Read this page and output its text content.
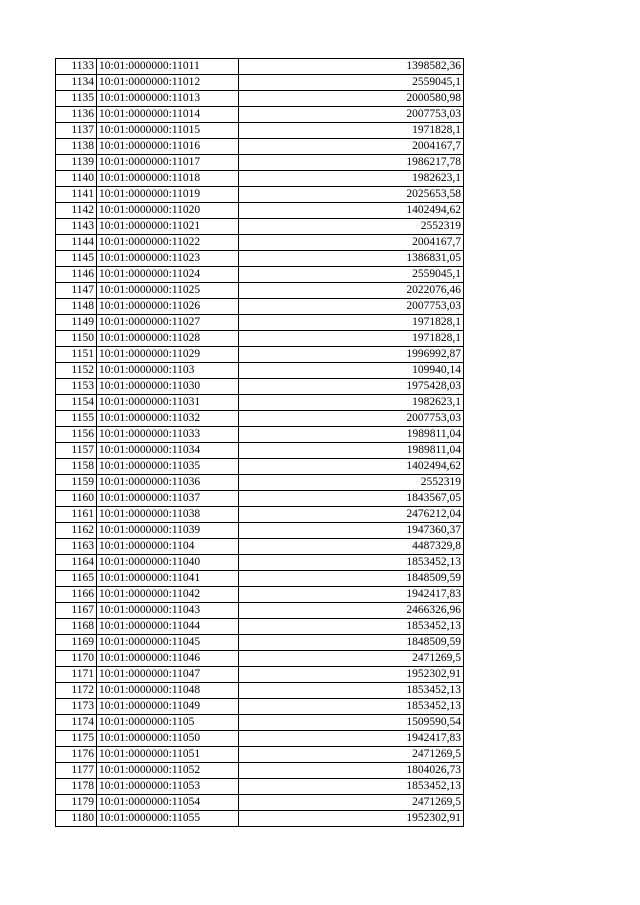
1133	10:01:0000000:11011	1398582,36
1134	10:01:0000000:11012	2559045,1
1135	10:01:0000000:11013	2000580,98
1136	10:01:0000000:11014	2007753,03
1137	10:01:0000000:11015	1971828,1
1138	10:01:0000000:11016	2004167,7
1139	10:01:0000000:11017	1986217,78
1140	10:01:0000000:11018	1982623,1
1141	10:01:0000000:11019	2025653,58
1142	10:01:0000000:11020	1402494,62
1143	10:01:0000000:11021	2552319
1144	10:01:0000000:11022	2004167,7
1145	10:01:0000000:11023	1386831,05
1146	10:01:0000000:11024	2559045,1
1147	10:01:0000000:11025	2022076,46
1148	10:01:0000000:11026	2007753,03
1149	10:01:0000000:11027	1971828,1
1150	10:01:0000000:11028	1971828,1
1151	10:01:0000000:11029	1996992,87
1152	10:01:0000000:1103	109940,14
1153	10:01:0000000:11030	1975428,03
1154	10:01:0000000:11031	1982623,1
1155	10:01:0000000:11032	2007753,03
1156	10:01:0000000:11033	1989811,04
1157	10:01:0000000:11034	1989811,04
1158	10:01:0000000:11035	1402494,62
1159	10:01:0000000:11036	2552319
1160	10:01:0000000:11037	1843567,05
1161	10:01:0000000:11038	2476212,04
1162	10:01:0000000:11039	1947360,37
1163	10:01:0000000:1104	4487329,8
1164	10:01:0000000:11040	1853452,13
1165	10:01:0000000:11041	1848509,59
1166	10:01:0000000:11042	1942417,83
1167	10:01:0000000:11043	2466326,96
1168	10:01:0000000:11044	1853452,13
1169	10:01:0000000:11045	1848509,59
1170	10:01:0000000:11046	2471269,5
1171	10:01:0000000:11047	1952302,91
1172	10:01:0000000:11048	1853452,13
1173	10:01:0000000:11049	1853452,13
1174	10:01:0000000:1105	1509590,54
1175	10:01:0000000:11050	1942417,83
1176	10:01:0000000:11051	2471269,5
1177	10:01:0000000:11052	1804026,73
1178	10:01:0000000:11053	1853452,13
1179	10:01:0000000:11054	2471269,5
1180	10:01:0000000:11055	1952302,91
